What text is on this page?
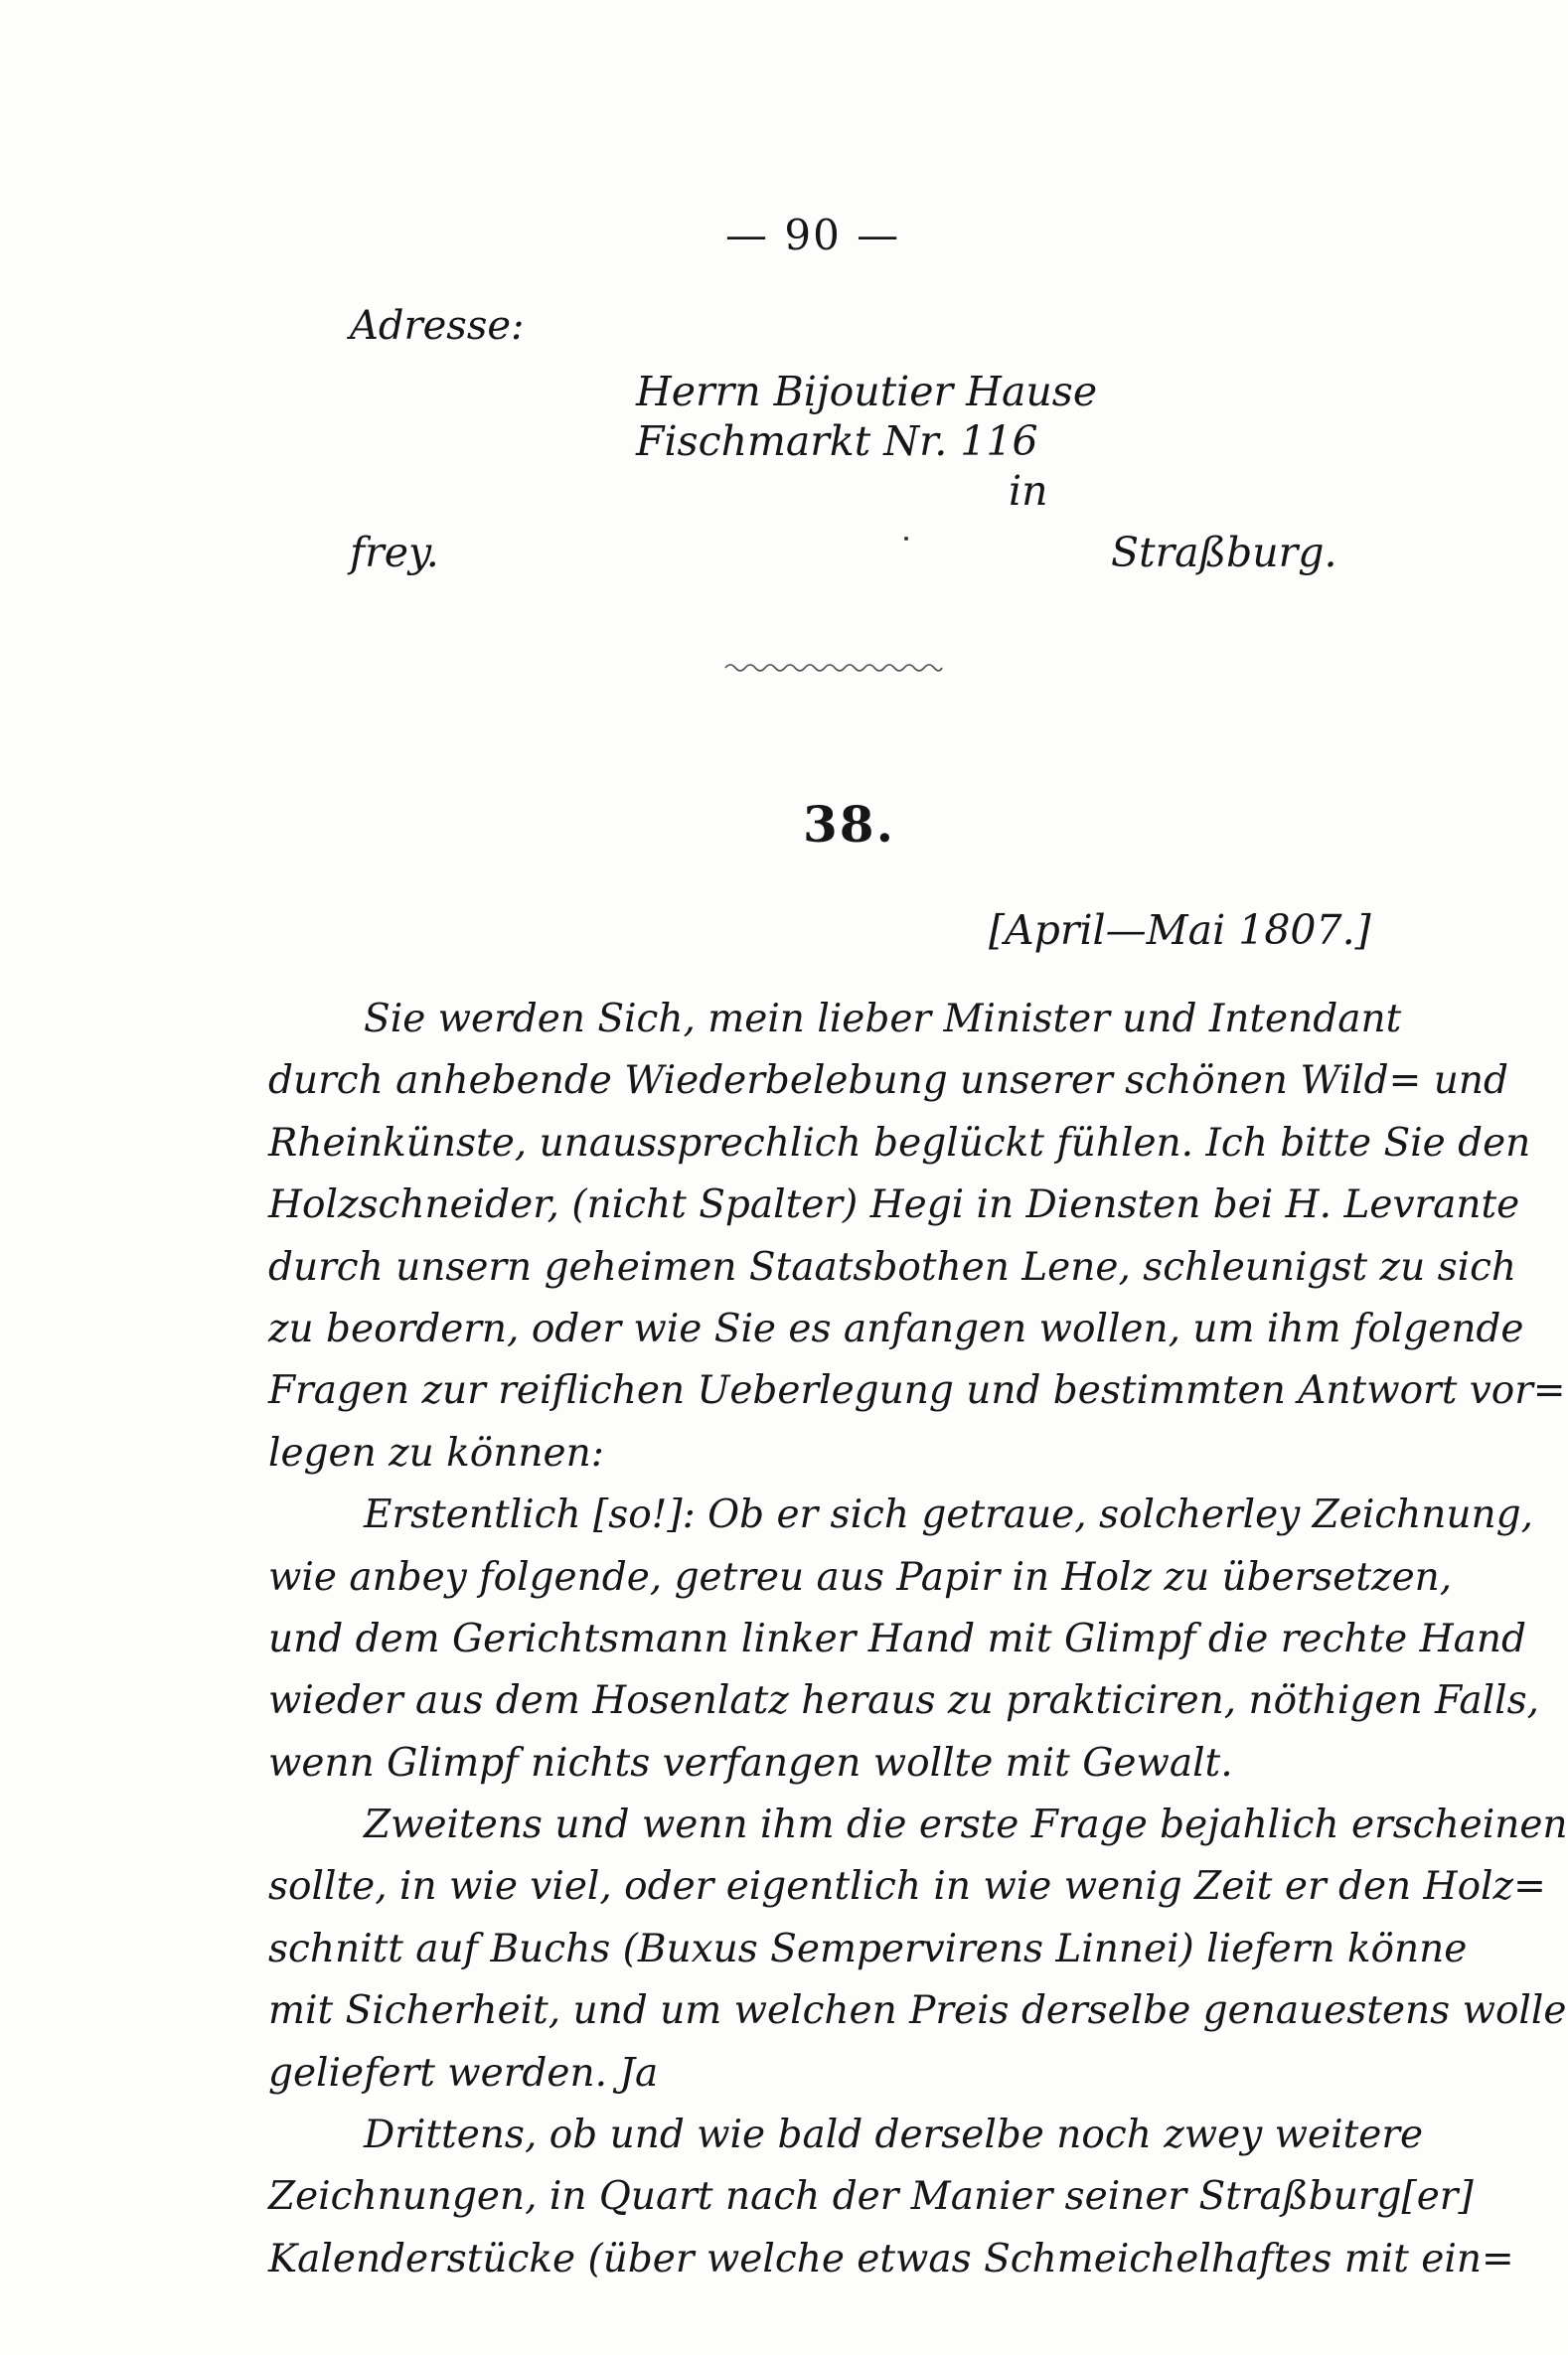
— 90 —
Adresse:
Herrn Bijoutier Hause
Fischmarkt Nr. 116
in
frey.	Straßburg.
38.
[April—Mai 1807.]
Sie werden Sich, mein lieber Minister und Intendant
durch anhebende Wiederbelebung unserer schönen Wild= und
Rheinkünste, unaussprechlich beglückt fühlen. Ich bitte Sie den
Holzschneider, (nicht Spalter) Hegi in Diensten bei H. Levrante
durch unsern geheimen Staatsbothen Lene, schleunigst zu sich
zu beordern, oder wie Sie es anfangen wollen, um ihm folgende
Fragen zur reiflichen Ueberlegung und bestimmten Antwort vor=
legen zu können:
Erstentlich [so!]: Ob er sich getraue, solcherley Zeichnung,
wie anbey folgende, getreu aus Papir in Holz zu übersetzen,
und dem Gerichtsmann linker Hand mit Glimpf die rechte Hand
wieder aus dem Hosenlatz heraus zu prakticiren, nöthigen Falls,
wenn Glimpf nichts verfangen wollte mit Gewalt.
Zweitens und wenn ihm die erste Frage bejahlich erscheinen
sollte, in wie viel, oder eigentlich in wie wenig Zeit er den Holz=
schnitt auf Buchs (Buxus Sempervirens Linnei) liefern könne
mit Sicherheit, und um welchen Preis derselbe genauestens wolle
geliefert werden. Ja
Drittens, ob und wie bald derselbe noch zwey weitere
Zeichnungen, in Quart nach der Manier seiner Straßburg[er]
Kalenderstücke (über welche etwas Schmeichelhaftes mit ein=
